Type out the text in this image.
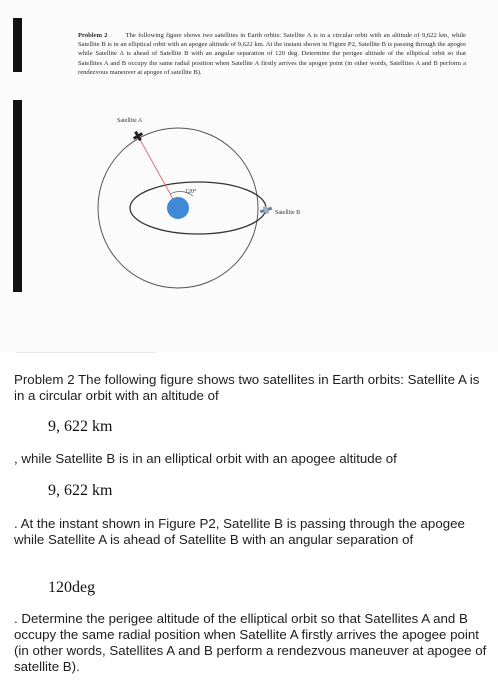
Problem 2	The following figure shows two satellites in Earth orbits: Satellite A is in a circular orbit with an altitude of 9,622 km, while Satellite B is in an elliptical orbit with an apogee altitude of 9,622 km. At the instant shown in Figure P2, Satellite B is passing through the apogee while Satellite A is ahead of Satellite B with an angular separation of 120 deg. Determine the perigee altitude of the elliptical orbit so that Satellites A and B occupy the same radial position when Satellite A firstly arrives the apogee point (in other words, Satellites A and B perform a rendezvous maneuver at apogee of satellite B).
Satellite A
120°
Satellite B
Problem 2 The following figure shows two satellites in Earth orbits: Satellite A is in a circular orbit with an altitude of
9, 622 km
, while Satellite B is in an elliptical orbit with an apogee altitude of
9, 622 km
. At the instant shown in Figure P2, Satellite B is passing through the apogee while Satellite A is ahead of Satellite B with an angular separation of
120deg
. Determine the perigee altitude of the elliptical orbit so that Satellites A and B occupy the same radial position when Satellite A firstly arrives the apogee point (in other words, Satellites A and B perform a rendezvous maneuver at apogee of satellite B).
